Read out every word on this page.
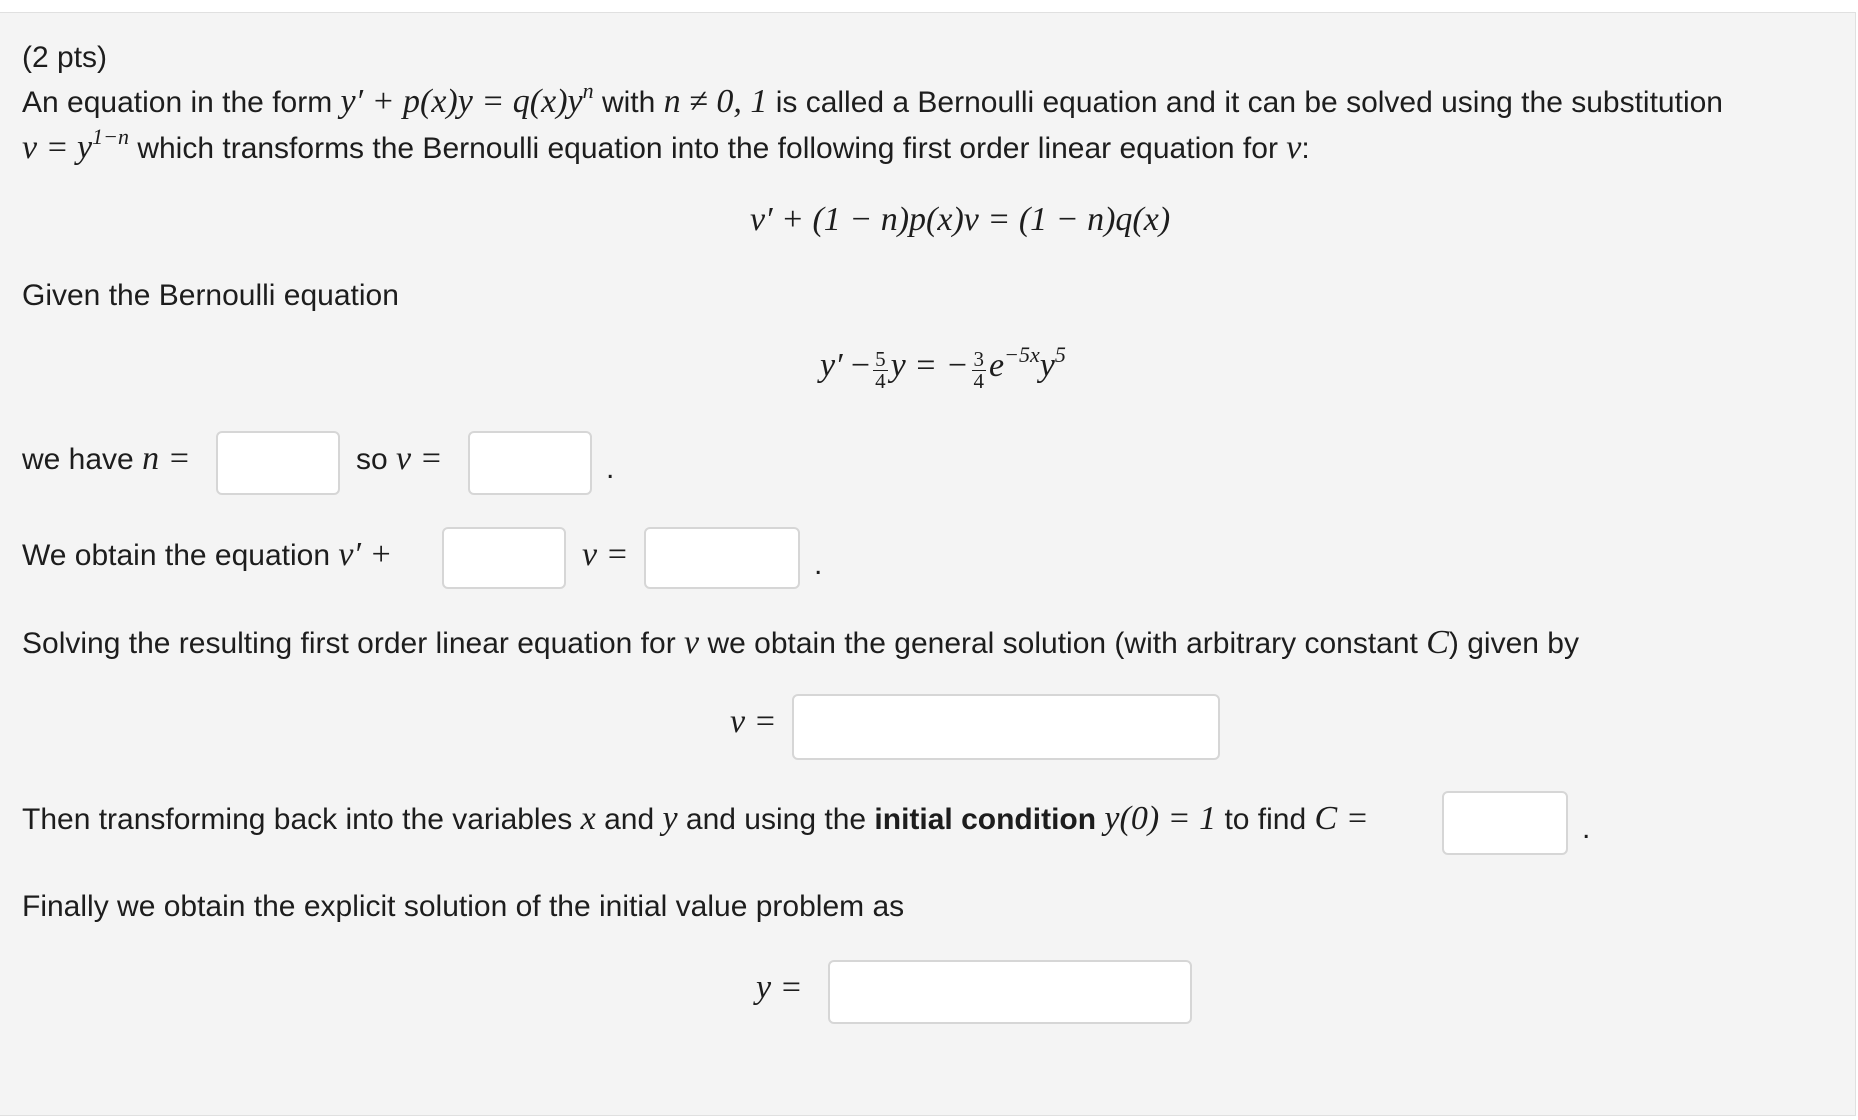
(2 pts)
An equation in the form $y' + p(x)y = q(x)y^n$ with n ≠ 0, 1 is called a Bernoulli equation and it can be solved using the substitution
$v = y^{1-n}$ which transforms the Bernoulli equation into the following first order linear equation for v:
v′ + (1 − n)p(x)v = (1 − n)q(x)
Given the Bernoulli equation
$y' - \frac{5}{4}$ y = − $\frac{3}{4} e^{-5x}y^5$
we have n =	so v =	.
We obtain the equation v′ +	v =	.
Solving the resulting first order linear equation for v we obtain the general solution (with arbitrary constant C) given by
v =
Then transforming back into the variables x and y and using the initial condition y(0) = 1 to find C =	.
Finally we obtain the explicit solution of the initial value problem as
y =
